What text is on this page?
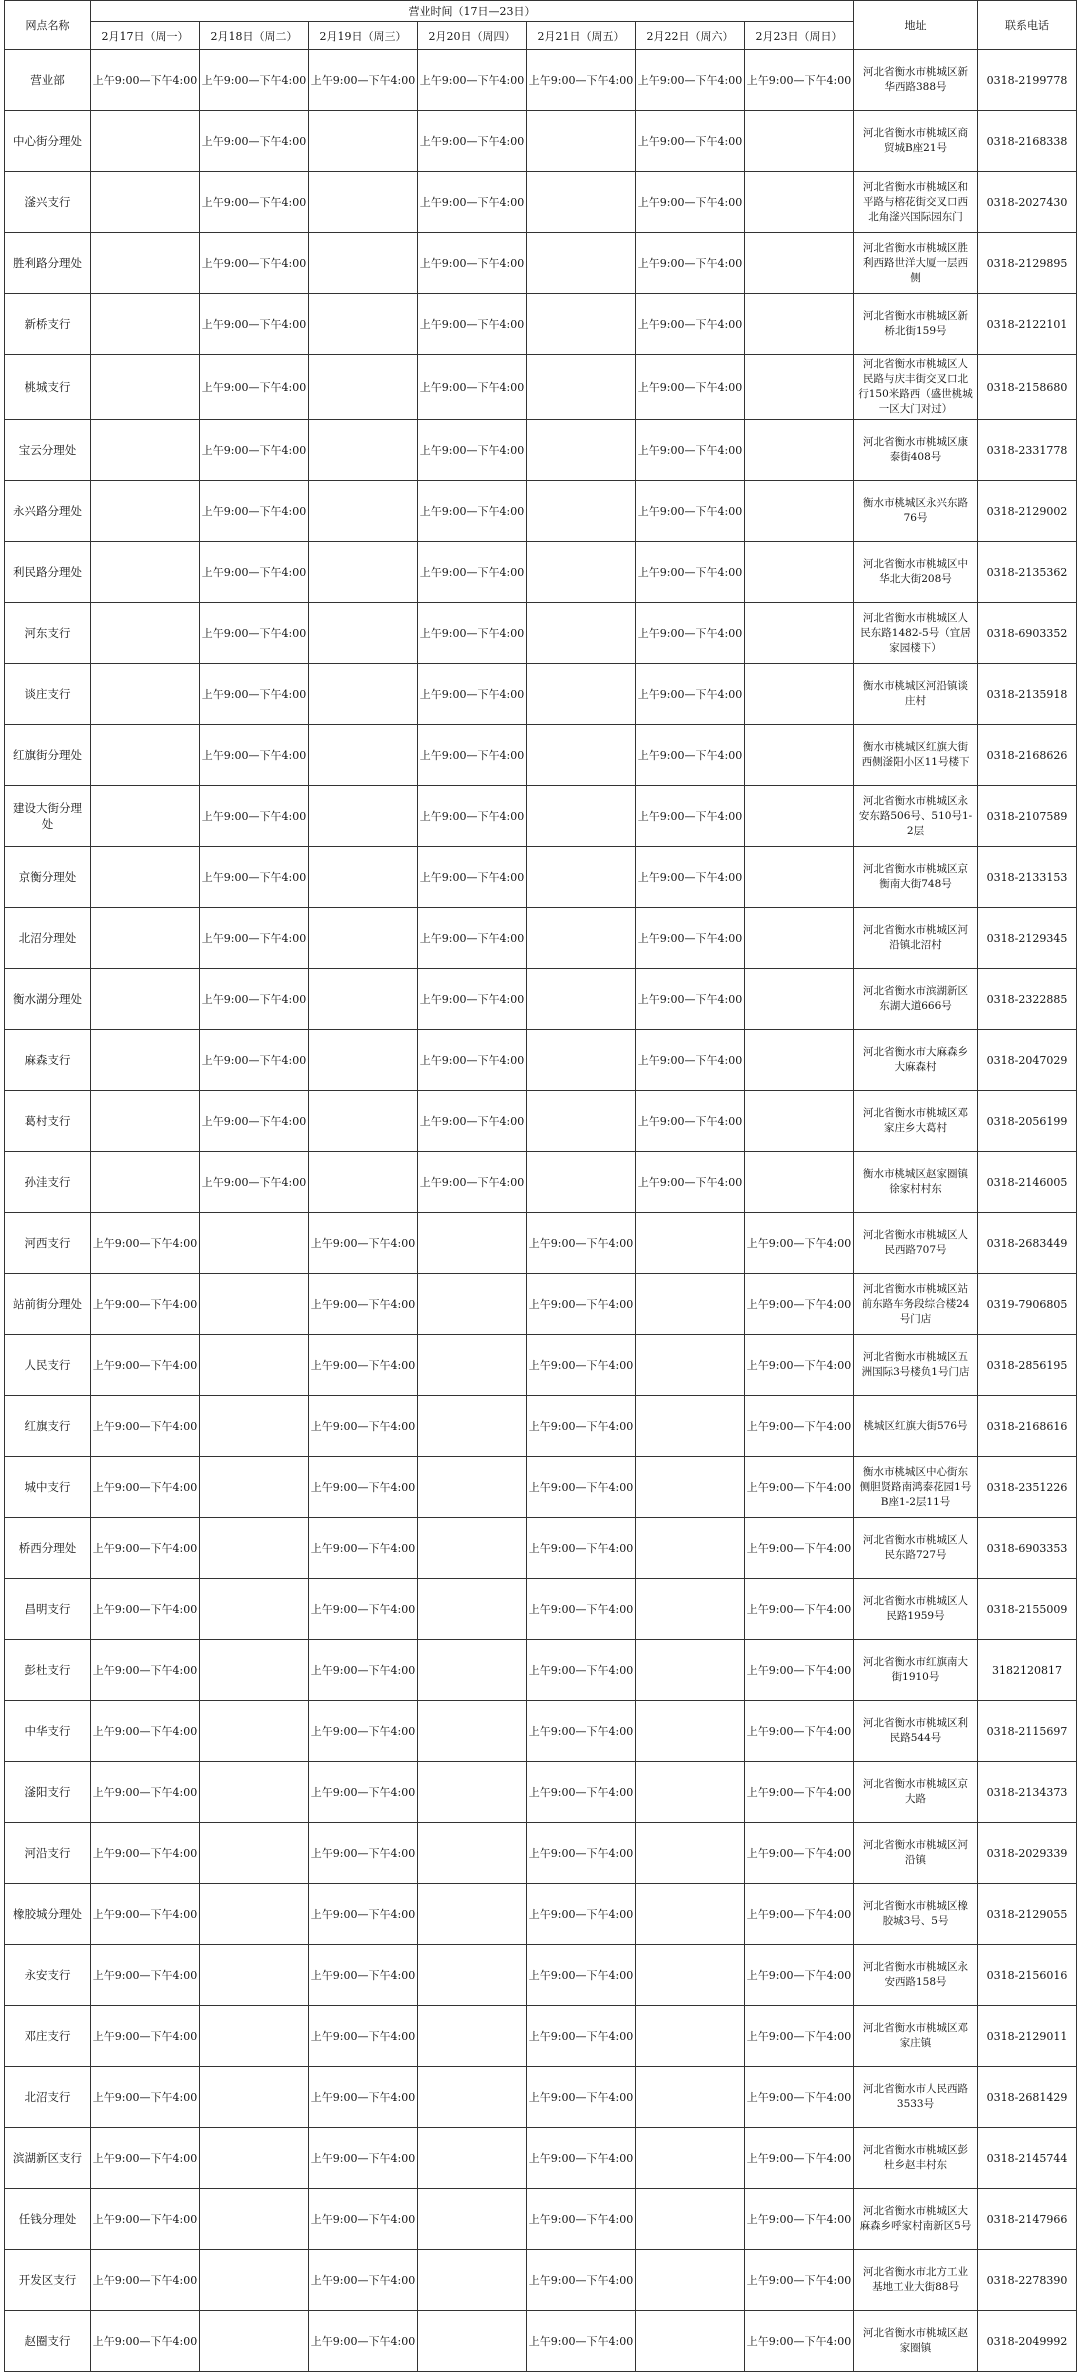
网点名称	营业时间（17日—23日）							地址	联系电话
	2月17日（周一）	2月18日（周二）	2月19日（周三）	2月20日（周四）	2月21日（周五）	2月22日（周六）	2月23日（周日）		
营业部	上午9:00—下午4:00	上午9:00—下午4:00	上午9:00—下午4:00	上午9:00—下午4:00	上午9:00—下午4:00	上午9:00—下午4:00	上午9:00—下午4:00	河北省衡水市桃城区新华西路388号	0318-2199778
中心街分理处		上午9:00—下午4:00		上午9:00—下午4:00		上午9:00—下午4:00		河北省衡水市桃城区商贸城B座21号	0318-2168338
滏兴支行		上午9:00—下午4:00		上午9:00—下午4:00		上午9:00—下午4:00		河北省衡水市桃城区和平路与榕花街交叉口西北角滏兴国际园东门	0318-2027430
胜利路分理处		上午9:00—下午4:00		上午9:00—下午4:00		上午9:00—下午4:00		河北省衡水市桃城区胜利西路世洋大厦一层西侧	0318-2129895
新桥支行		上午9:00—下午4:00		上午9:00—下午4:00		上午9:00—下午4:00		河北省衡水市桃城区新桥北街159号	0318-2122101
桃城支行		上午9:00—下午4:00		上午9:00—下午4:00		上午9:00—下午4:00		河北省衡水市桃城区人民路与庆丰街交叉口北行150米路西（盛世桃城一区大门对过）	0318-2158680
宝云分理处		上午9:00—下午4:00		上午9:00—下午4:00		上午9:00—下午4:00		河北省衡水市桃城区康泰街408号	0318-2331778
永兴路分理处		上午9:00—下午4:00		上午9:00—下午4:00		上午9:00—下午4:00		衡水市桃城区永兴东路76号	0318-2129002
利民路分理处		上午9:00—下午4:00		上午9:00—下午4:00		上午9:00—下午4:00		河北省衡水市桃城区中华北大街208号	0318-2135362
河东支行		上午9:00—下午4:00		上午9:00—下午4:00		上午9:00—下午4:00		河北省衡水市桃城区人民东路1482-5号（宜居家园楼下）	0318-6903352
谈庄支行		上午9:00—下午4:00		上午9:00—下午4:00		上午9:00—下午4:00		衡水市桃城区河沿镇谈庄村	0318-2135918
红旗街分理处		上午9:00—下午4:00		上午9:00—下午4:00		上午9:00—下午4:00		衡水市桃城区红旗大街西侧滏阳小区11号楼下	0318-2168626
建设大街分理处		上午9:00—下午4:00		上午9:00—下午4:00		上午9:00—下午4:00		河北省衡水市桃城区永安东路506号、510号1-2层	0318-2107589
京衡分理处		上午9:00—下午4:00		上午9:00—下午4:00		上午9:00—下午4:00		河北省衡水市桃城区京衡南大街748号	0318-2133153
北沼分理处		上午9:00—下午4:00		上午9:00—下午4:00		上午9:00—下午4:00		河北省衡水市桃城区河沿镇北沼村	0318-2129345
衡水湖分理处		上午9:00—下午4:00		上午9:00—下午4:00		上午9:00—下午4:00		河北省衡水市滨湖新区东湖大道666号	0318-2322885
麻森支行		上午9:00—下午4:00		上午9:00—下午4:00		上午9:00—下午4:00		河北省衡水市大麻森乡大麻森村	0318-2047029
葛村支行		上午9:00—下午4:00		上午9:00—下午4:00		上午9:00—下午4:00		河北省衡水市桃城区邓家庄乡大葛村	0318-2056199
孙洼支行		上午9:00—下午4:00		上午9:00—下午4:00		上午9:00—下午4:00		衡水市桃城区赵家圈镇徐家村村东	0318-2146005
河西支行	上午9:00—下午4:00		上午9:00—下午4:00		上午9:00—下午4:00		上午9:00—下午4:00	河北省衡水市桃城区人民西路707号	0318-2683449
站前街分理处	上午9:00—下午4:00		上午9:00—下午4:00		上午9:00—下午4:00		上午9:00—下午4:00	河北省衡水市桃城区站前东路车务段综合楼24号门店	0319-7906805
人民支行	上午9:00—下午4:00		上午9:00—下午4:00		上午9:00—下午4:00		上午9:00—下午4:00	河北省衡水市桃城区五洲国际3号楼负1号门店	0318-2856195
红旗支行	上午9:00—下午4:00		上午9:00—下午4:00		上午9:00—下午4:00		上午9:00—下午4:00	桃城区红旗大街576号	0318-2168616
城中支行	上午9:00—下午4:00		上午9:00—下午4:00		上午9:00—下午4:00		上午9:00—下午4:00	衡水市桃城区中心街东侧胆贤路南鸿泰花园1号B座1-2层11号	0318-2351226
桥西分理处	上午9:00—下午4:00		上午9:00—下午4:00		上午9:00—下午4:00		上午9:00—下午4:00	河北省衡水市桃城区人民东路727号	0318-6903353
昌明支行	上午9:00—下午4:00		上午9:00—下午4:00		上午9:00—下午4:00		上午9:00—下午4:00	河北省衡水市桃城区人民路1959号	0318-2155009
彭杜支行	上午9:00—下午4:00		上午9:00—下午4:00		上午9:00—下午4:00		上午9:00—下午4:00	河北省衡水市红旗南大街1910号	3182120817
中华支行	上午9:00—下午4:00		上午9:00—下午4:00		上午9:00—下午4:00		上午9:00—下午4:00	河北省衡水市桃城区利民路544号	0318-2115697
滏阳支行	上午9:00—下午4:00		上午9:00—下午4:00		上午9:00—下午4:00		上午9:00—下午4:00	河北省衡水市桃城区京大路	0318-2134373
河沿支行	上午9:00—下午4:00		上午9:00—下午4:00		上午9:00—下午4:00		上午9:00—下午4:00	河北省衡水市桃城区河沿镇	0318-2029339
橡胶城分理处	上午9:00—下午4:00		上午9:00—下午4:00		上午9:00—下午4:00		上午9:00—下午4:00	河北省衡水市桃城区橡胶城3号、5号	0318-2129055
永安支行	上午9:00—下午4:00		上午9:00—下午4:00		上午9:00—下午4:00		上午9:00—下午4:00	河北省衡水市桃城区永安西路158号	0318-2156016
邓庄支行	上午9:00—下午4:00		上午9:00—下午4:00		上午9:00—下午4:00		上午9:00—下午4:00	河北省衡水市桃城区邓家庄镇	0318-2129011
北沼支行	上午9:00—下午4:00		上午9:00—下午4:00		上午9:00—下午4:00		上午9:00—下午4:00	河北省衡水市人民西路3533号	0318-2681429
滨湖新区支行	上午9:00—下午4:00		上午9:00—下午4:00		上午9:00—下午4:00		上午9:00—下午4:00	河北省衡水市桃城区彭杜乡赵丰村东	0318-2145744
任钱分理处	上午9:00—下午4:00		上午9:00—下午4:00		上午9:00—下午4:00		上午9:00—下午4:00	河北省衡水市桃城区大麻森乡呼家村南新区5号	0318-2147966
开发区支行	上午9:00—下午4:00		上午9:00—下午4:00		上午9:00—下午4:00		上午9:00—下午4:00	河北省衡水市北方工业基地工业大街88号	0318-2278390
赵圈支行	上午9:00—下午4:00		上午9:00—下午4:00		上午9:00—下午4:00		上午9:00—下午4:00	河北省衡水市桃城区赵家圈镇	0318-2049992
